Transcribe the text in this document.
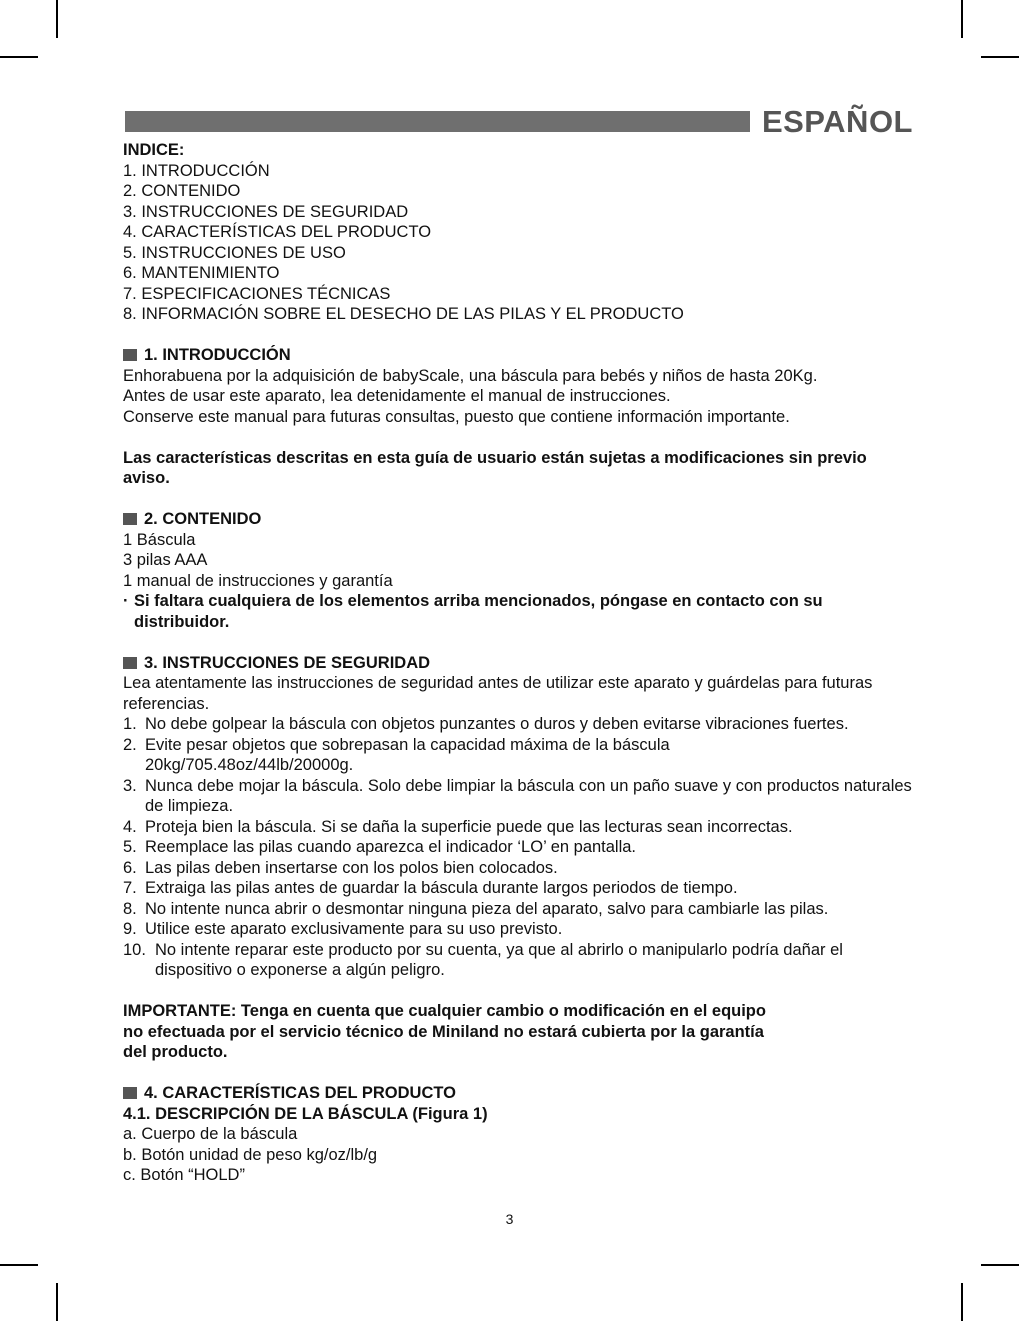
ESPAÑOL

INDICE:

1. INTRODUCCIÓN

2. CONTENIDO

3. INSTRUCCIONES DE SEGURIDAD

4. CARACTERÍSTICAS DEL PRODUCTO

5. INSTRUCCIONES DE USO

6. MANTENIMIENTO

7. ESPECIFICACIONES TÉCNICAS

8. INFORMACIÓN SOBRE EL DESECHO DE LAS PILAS Y EL PRODUCTO

1. INTRODUCCIÓN

Enhorabuena por la adquisición de babyScale, una báscula para bebés y niños de hasta 20Kg.

Antes de usar este aparato, lea detenidamente el manual de instrucciones.

Conserve este manual para futuras consultas, puesto que contiene información importante.

Las características descritas en esta guía de usuario están sujetas a modificaciones sin previo aviso.

2. CONTENIDO

1 Báscula

3 pilas AAA

1 manual de instrucciones y garantía

· Si faltara cualquiera de los elementos arriba mencionados, póngase en contacto con su distribuidor.
3. INSTRUCCIONES DE SEGURIDAD

Lea atentamente las instrucciones de seguridad antes de utilizar este aparato y guárdelas para futuras referencias.

1. No debe golpear la báscula con objetos punzantes o duros y deben evitarse vibraciones fuertes.
2. Evite pesar objetos que sobrepasan la capacidad máxima de la báscula 20kg/705.48oz/44lb/20000g.
3. Nunca debe mojar la báscula. Solo debe limpiar la báscula con un paño suave y con productos naturales de limpieza.
4. Proteja bien la báscula. Si se daña la superficie puede que las lecturas sean incorrectas.
5. Reemplace las pilas cuando aparezca el indicador ‘LO’ en pantalla.
6. Las pilas deben insertarse con los polos bien colocados.
7. Extraiga las pilas antes de guardar la báscula durante largos periodos de tiempo.
8. No intente nunca abrir o desmontar ninguna pieza del aparato, salvo para cambiarle las pilas.
9. Utilice este aparato exclusivamente para su uso previsto.
10. No intente reparar este producto por su cuenta, ya que al abrirlo o manipularlo podría dañar el dispositivo o exponerse a algún peligro.

IMPORTANTE: Tenga en cuenta que cualquier cambio o modificación en el equipo

no efectuada por el servicio técnico de Miniland no estará cubierta por la garantía

del producto.

4. CARACTERÍSTICAS DEL PRODUCTO

4.1. DESCRIPCIÓN DE LA BÁSCULA (Figura 1)

a. Cuerpo de la báscula

b. Botón unidad de peso kg/oz/lb/g

c. Botón “HOLD”

3
